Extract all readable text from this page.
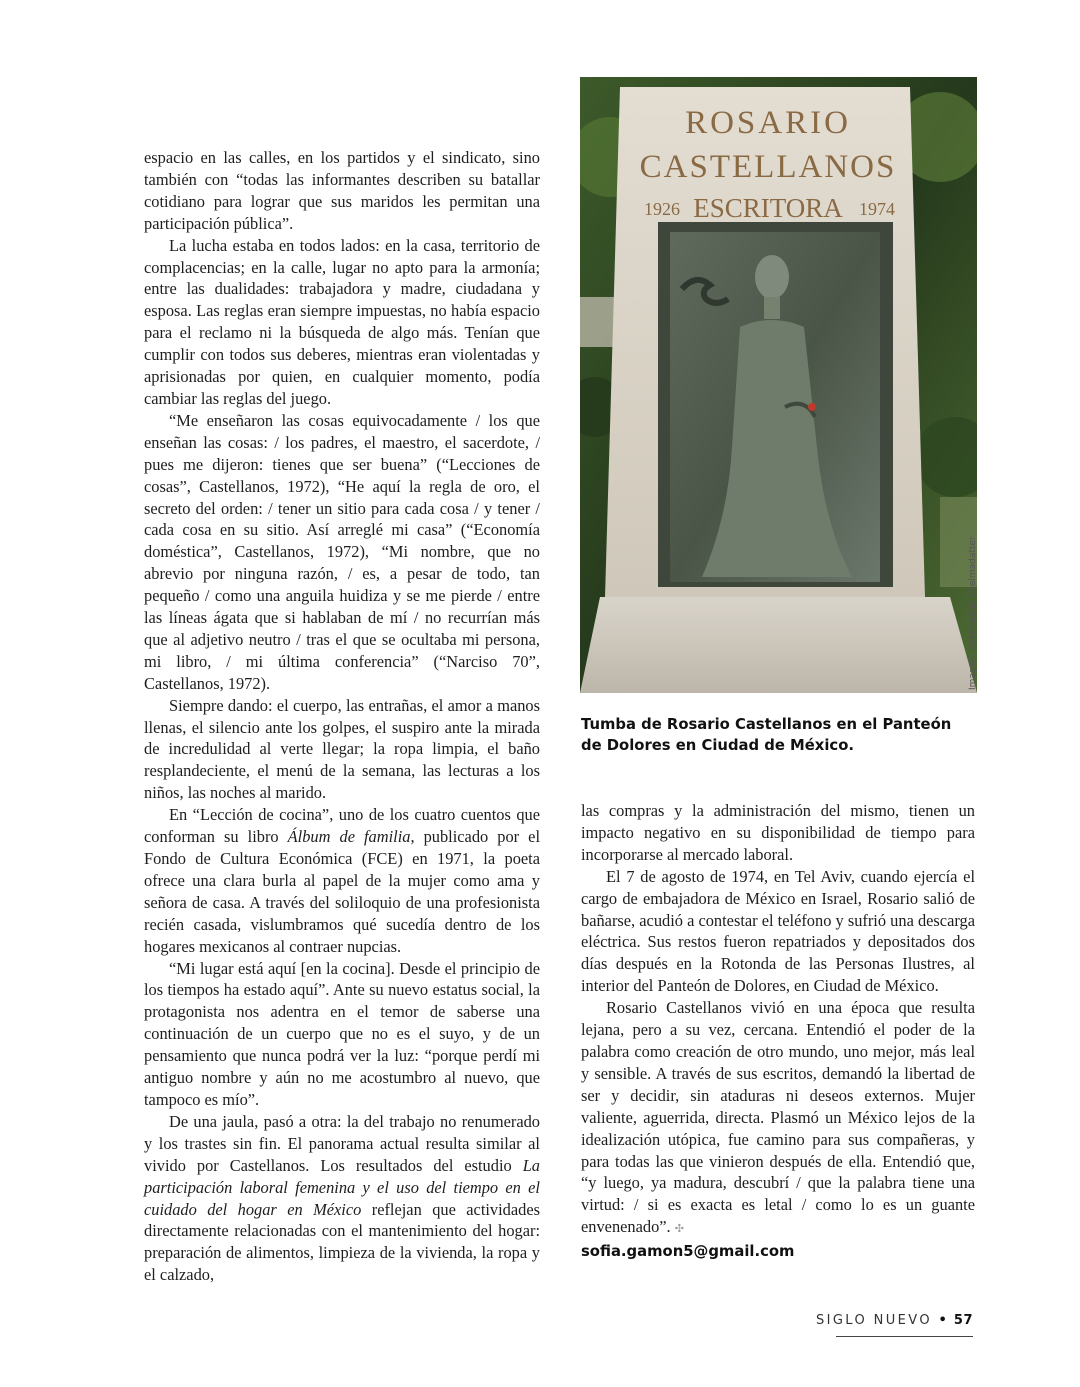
espacio en las calles, en los partidos y el sindicato, sino también con “todas las informantes describen su batallar cotidiano para lograr que sus maridos les permitan una participación pública”.

La lucha estaba en todos lados: en la casa, territorio de complacencias; en la calle, lugar no apto para la armonía; entre las dualidades: trabajadora y madre, ciudadana y esposa. Las reglas eran siempre impuestas, no había espacio para el reclamo ni la búsqueda de algo más. Tenían que cumplir con todos sus deberes, mientras eran violentadas y aprisionadas por quien, en cualquier momento, podía cambiar las reglas del juego.

“Me enseñaron las cosas equivocadamente / los que enseñan las cosas: / los padres, el maestro, el sacerdote, / pues me dijeron: tienes que ser buena” (“Lecciones de cosas”, Castellanos, 1972), “He aquí la regla de oro, el secreto del orden: / tener un sitio para cada cosa / y tener / cada cosa en su sitio. Así arreglé mi casa” (“Economía doméstica”, Castellanos, 1972), “Mi nombre, que no abrevio por ninguna razón, / es, a pesar de todo, tan pequeño / como una anguila huidiza y se me pierde / entre las líneas ágata que si hablaban de mí / no recurrían más que al adjetivo neutro / tras el que se ocultaba mi persona, mi libro, / mi última conferencia” (“Narciso 70”, Castellanos, 1972).

Siempre dando: el cuerpo, las entrañas, el amor a manos llenas, el silencio ante los golpes, el suspiro ante la mirada de incredulidad al verte llegar; la ropa limpia, el baño resplandeciente, el menú de la semana, las lecturas a los niños, las noches al marido.

En “Lección de cocina”, uno de los cuatro cuentos que conforman su libro Álbum de familia, publicado por el Fondo de Cultura Económica (FCE) en 1971, la poeta ofrece una clara burla al papel de la mujer como ama y señora de casa. A través del soliloquio de una profesionista recién casada, vislumbramos qué sucedía dentro de los hogares mexicanos al contraer nupcias.

“Mi lugar está aquí [en la cocina]. Desde el principio de los tiempos ha estado aquí”. Ante su nuevo estatus social, la protagonista nos adentra en el temor de saberse una continuación de un cuerpo que no es el suyo, y de un pensamiento que nunca podrá ver la luz: “porque perdí mi antiguo nombre y aún no me acostumbro al nuevo, que tampoco es mío”.

De una jaula, pasó a otra: la del trabajo no renumerado y los trastes sin fin. El panorama actual resulta similar al vivido por Castellanos. Los resultados del estudio La participación laboral femenina y el uso del tiempo en el cuidado del hogar en México reflejan que actividades directamente relacionadas con el mantenimiento del hogar: preparación de alimentos, limpieza de la vivienda, la ropa y el calzado,

ROSARIO
CASTELLANOS
1926 ESCRITORA 1974
Imagen: Wikimedia/ Thelmadatter
Tumba de Rosario Castellanos en el Panteón de Dolores en Ciudad de México.

las compras y la administración del mismo, tienen un impacto negativo en su disponibilidad de tiempo para incorporarse al mercado laboral.

El 7 de agosto de 1974, en Tel Aviv, cuando ejercía el cargo de embajadora de México en Israel, Rosario salió de bañarse, acudió a contestar el teléfono y sufrió una descarga eléctrica. Sus restos fueron repatriados y depositados dos días después en la Rotonda de las Personas Ilustres, al interior del Panteón de Dolores, en Ciudad de México.

Rosario Castellanos vivió en una época que resulta lejana, pero a su vez, cercana. Entendió el poder de la palabra como creación de otro mundo, uno mejor, más leal y sensible. A través de sus escritos, demandó la libertad de ser y decidir, sin ataduras ni deseos externos. Mujer valiente, aguerrida, directa. Plasmó un México lejos de la idealización utópica, fue camino para sus compañeras, y para todas las que vinieron después de ella. Entendió que, “y luego, ya madura, descubrí / que la palabra tiene una virtud: / si es exacta es letal / como lo es un guante envenenado”. ✣

sofia.gamon5@gmail.com
SIGLO NUEVO • 57
